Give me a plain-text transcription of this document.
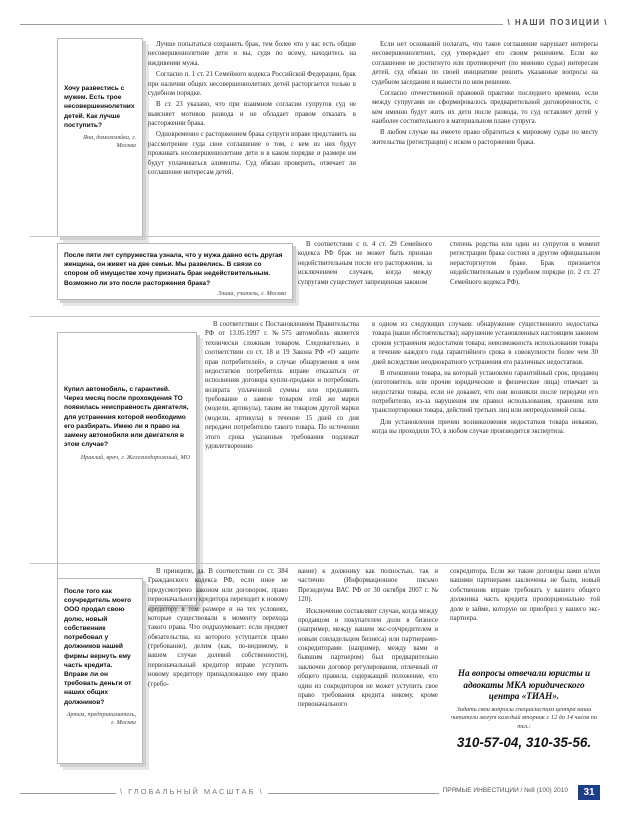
\ НАШИ ПОЗИЦИИ \
Хочу развестись с мужем. Есть трое несовершеннолетних детей. Как лучше поступить?
Яна, домохозяйка, г. Москва

Лучше попытаться сохранить брак, тем более что у вас есть общие несовершеннолетние дети и вы, судя по всему, находитесь на иждивении мужа.

Согласно п. 1 ст. 21 Семейного кодекса Российской Федерации, брак при наличии общих несовершеннолетних детей расторгается только в судебном порядке.

В ст. 23 указано, что при взаимном согласии супругов суд не выясняет мотивов развода и не обладает правом отказать в расторжении брака.

Одновременно с расторжением брака супруги вправе представить на рассмотрение суда свое соглашение о том, с кем из них будут проживать несовершеннолетние дети и в каком порядке и размере им будут уплачиваться алименты. Суд обязан проверить, отвечает ли соглашение интересам детей.

Если нет оснований полагать, что такое соглашение нарушает интересы несовершеннолетних, суд утверждает его своим решением. Если же соглашение не достигнуто или противоречит (по мнению судьи) интересам детей, суд обязан по своей инициативе решить указанные вопросы на судебном заседании и вынести по ним решение.

Согласно отечественной правовой практике последнего времени, если между супругами не сформировалось предварительной договоренности, с кем именно будут жить их дети после развода, то суд оставляет детей у наиболее состоятельного в материальном плане супруга.

В любом случае вы имеете право обратиться к мировому судье по месту жительства (регистрации) с иском о расторжении брака.

После пяти лет супружества узнала, что у мужа давно есть другая женщина, он живет на две семьи. Мы развелись. В связи со спором об имуществе хочу признать брак недействительным. Возможно ли это после расторжения брака?
Элина, учитель, г. Москва

В соответствии с п. 4 ст. 29 Семейного кодекса РФ брак не может быть признан недействительным после его расторжения, за исключением случаев, когда между супругами существует запрещенная законом

степень родства или один из супругов в момент регистрации брака состоял в другом официальном нерасторгнутом браке. Брак признается недействительным в судебном порядке (п. 2 ст. 27 Семейного кодекса РФ).

Купил автомобиль, с гарантией. Через месяц после прохождения ТО появилась неисправность двигателя, для устранения которой необходимо его разбирать. Имею ли я право на замену автомобиля или двигателя в этом случае?
Ираклий, врач, г. Железнодорожный, МО

В соответствии с Постановлением Правительства РФ от 13.05.1997 г. №575 автомобиль является технически сложным товаром. Следовательно, в соответствии со ст. 18 и 19 Закона РФ «О защите прав потребителей», в случае обнаружения в нем недостатков потребитель вправе отказаться от исполнения договора купли-продажи и потребовать возврата уплаченной суммы или предъявить требование о замене товаром этой же марки (модели, артикула), таким же товаром другой марки (модели, артикула) в течение 15 дней со дня передачи потребителю такого товара. По истечении этого срока указанные требования подлежат удовлетворению

в одном из следующих случаев: обнаружение существенного недостатка товара (ваши обстоятельства); нарушение установленных настоящим законом сроков устранения недостатков товара; невозможность использования товара в течение каждого года гарантийного срока в совокупности более чем 30 дней вследствие неоднократного устранения его различных недостатков.

В отношении товара, на который установлен гарантийный срок, продавец (изготовитель или прочие юридические и физические лица) отвечает за недостатки товара, если не докажет, что они возникли после передачи его потребителю, из-за нарушения им правил использования, хранения или транспортировки товара, действий третьих лиц или непреодолимой силы.

Для установления причин возникновения недостатков товара неважно, когда вы проходили ТО, в любом случае производится экспертиза.

После того как соучредитель моего ООО продал свою долю, новый собственник потребовал у должников нашей фирмы вернуть ему часть кредита. Вправе ли он требовать деньги от наших общих должников?
Артем, предприниматель, г. Москва

В принципе, да. В соответствии со ст. 384 Гражданского кодекса РФ, если иное не предусмотрено законом или договором, право первоначального кредитора переходит к новому кредитору в том размере и на тех условиях, которые существовали к моменту перехода такого права. Что подразумевает: если предмет обязательства, из которого уступается право (требование), делим (как, по-видимому, в вашем случае долевой собственности), первоначальный кредитор вправе уступить новому кредитору принадлежащее ему право (требо-

вание) к должнику как полностью, так и частично (Информационное письмо Президиума ВАС РФ от 30 октября 2007 г. № 120).

Исключение составляют случаи, когда между продавцом и покупателем доли в бизнесе (например, между вашим экс-соучредителем и новым совладельцем бизнеса) или партнерами-сокредиторами (например, между вами и бывшим партнером) был предварительно заключен договор регулирования, отличный от общего правила, содержащий положение, что один из сокредиторов не может уступить свое право требования кредита никому, кроме первоначального

сокредитора. Если же такие договоры вами и/или вашими партнерами заключены не были, новый собственник вправе требовать у вашего общего должника часть кредита пропорционально той доле в займе, которую он приобрел у вашего экс-партнера.

На вопросы отвечали юристы и адвокаты МКА юридического центра «ТИАН».
Задать свои вопросы специалистам центра наши читатели могут каждый вторник с 12 до 14 часов по тел.:
310-57-04, 310-35-56.
\ ГЛОБАЛЬНЫЙ МАСШТАБ \	ПРЯМЫЕ ИНВЕСТИЦИИ / №8 (100) 2010	31
